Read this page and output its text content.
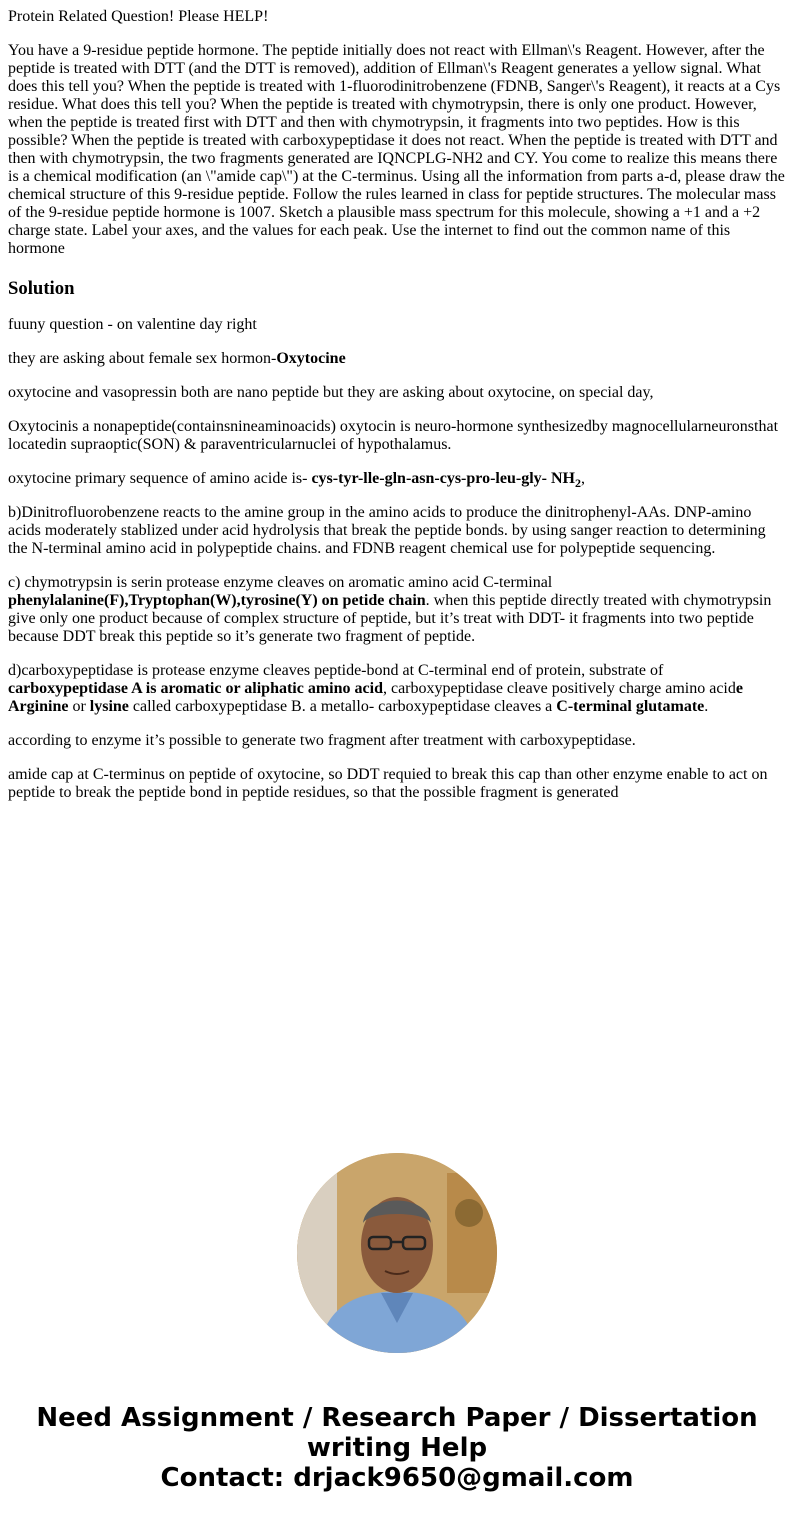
Protein Related Question! Please HELP!

You have a 9-residue peptide hormone. The peptide initially does not react with Ellman\'s Reagent. However, after the peptide is treated with DTT (and the DTT is removed), addition of Ellman\'s Reagent generates a yellow signal. What does this tell you? When the peptide is treated with 1-fluorodinitrobenzene (FDNB, Sanger\'s Reagent), it reacts at a Cys residue. What does this tell you? When the peptide is treated with chymotrypsin, there is only one product. However, when the peptide is treated first with DTT and then with chymotrypsin, it fragments into two peptides. How is this possible? When the peptide is treated with carboxypeptidase it does not react. When the peptide is treated with DTT and then with chymotrypsin, the two fragments generated are IQNCPLG-NH2 and CY. You come to realize this means there is a chemical modification (an \"amide cap\") at the C-terminus. Using all the information from parts a-d, please draw the chemical structure of this 9-residue peptide. Follow the rules learned in class for peptide structures. The molecular mass of the 9-residue peptide hormone is 1007. Sketch a plausible mass spectrum for this molecule, showing a +1 and a +2 charge state. Label your axes, and the values for each peak. Use the internet to find out the common name of this hormone

Solution

fuuny question - on valentine day right

they are asking about female sex hormon-Oxytocine

oxytocine and vasopressin both are nano peptide but they are asking about oxytocine, on special day,

Oxytocinis a nonapeptide(containsnineaminoacids) oxytocin is neuro-hormone synthesizedby magnocellularneuronsthat locatedin supraoptic(SON) & paraventricularnuclei of hypothalamus.

oxytocine primary sequence of amino acide is- cys-tyr-lle-gln-asn-cys-pro-leu-gly- $NH_2$,

b)Dinitrofluorobenzene reacts to the amine group in the amino acids to produce the dinitrophenyl-AAs. DNP-amino acids moderately stablized under acid hydrolysis that break the peptide bonds. by using sanger reaction to determining the N-terminal amino acid in polypeptide chains. and FDNB reagent chemical use for polypeptide sequencing.

c) chymotrypsin is serin protease enzyme cleaves on aromatic amino acid C-terminal phenylalanine(F),Tryptophan(W),tyrosine(Y) on petide chain. when this peptide directly treated with chymotrypsin give only one product because of complex structure of peptide, but it’s treat with DDT- it fragments into two peptide because DDT break this peptide so it’s generate two fragment of peptide.

d)carboxypeptidase is protease enzyme cleaves peptide-bond at C-terminal end of protein, substrate of carboxypeptidase A is aromatic or aliphatic amino acid, carboxypeptidase cleave positively charge amino acide Arginine or lysine called carboxypeptidase B. a metallo- carboxypeptidase cleaves a C-terminal glutamate.

according to enzyme it’s possible to generate two fragment after treatment with carboxypeptidase.

amide cap at C-terminus on peptide of oxytocine, so DDT requied to break this cap than other enzyme enable to act on peptide to break the peptide bond in peptide residues, so that the possible fragment is generated

Need Assignment / Research Paper / Dissertation
writing Help
Contact: drjack9650@gmail.com
